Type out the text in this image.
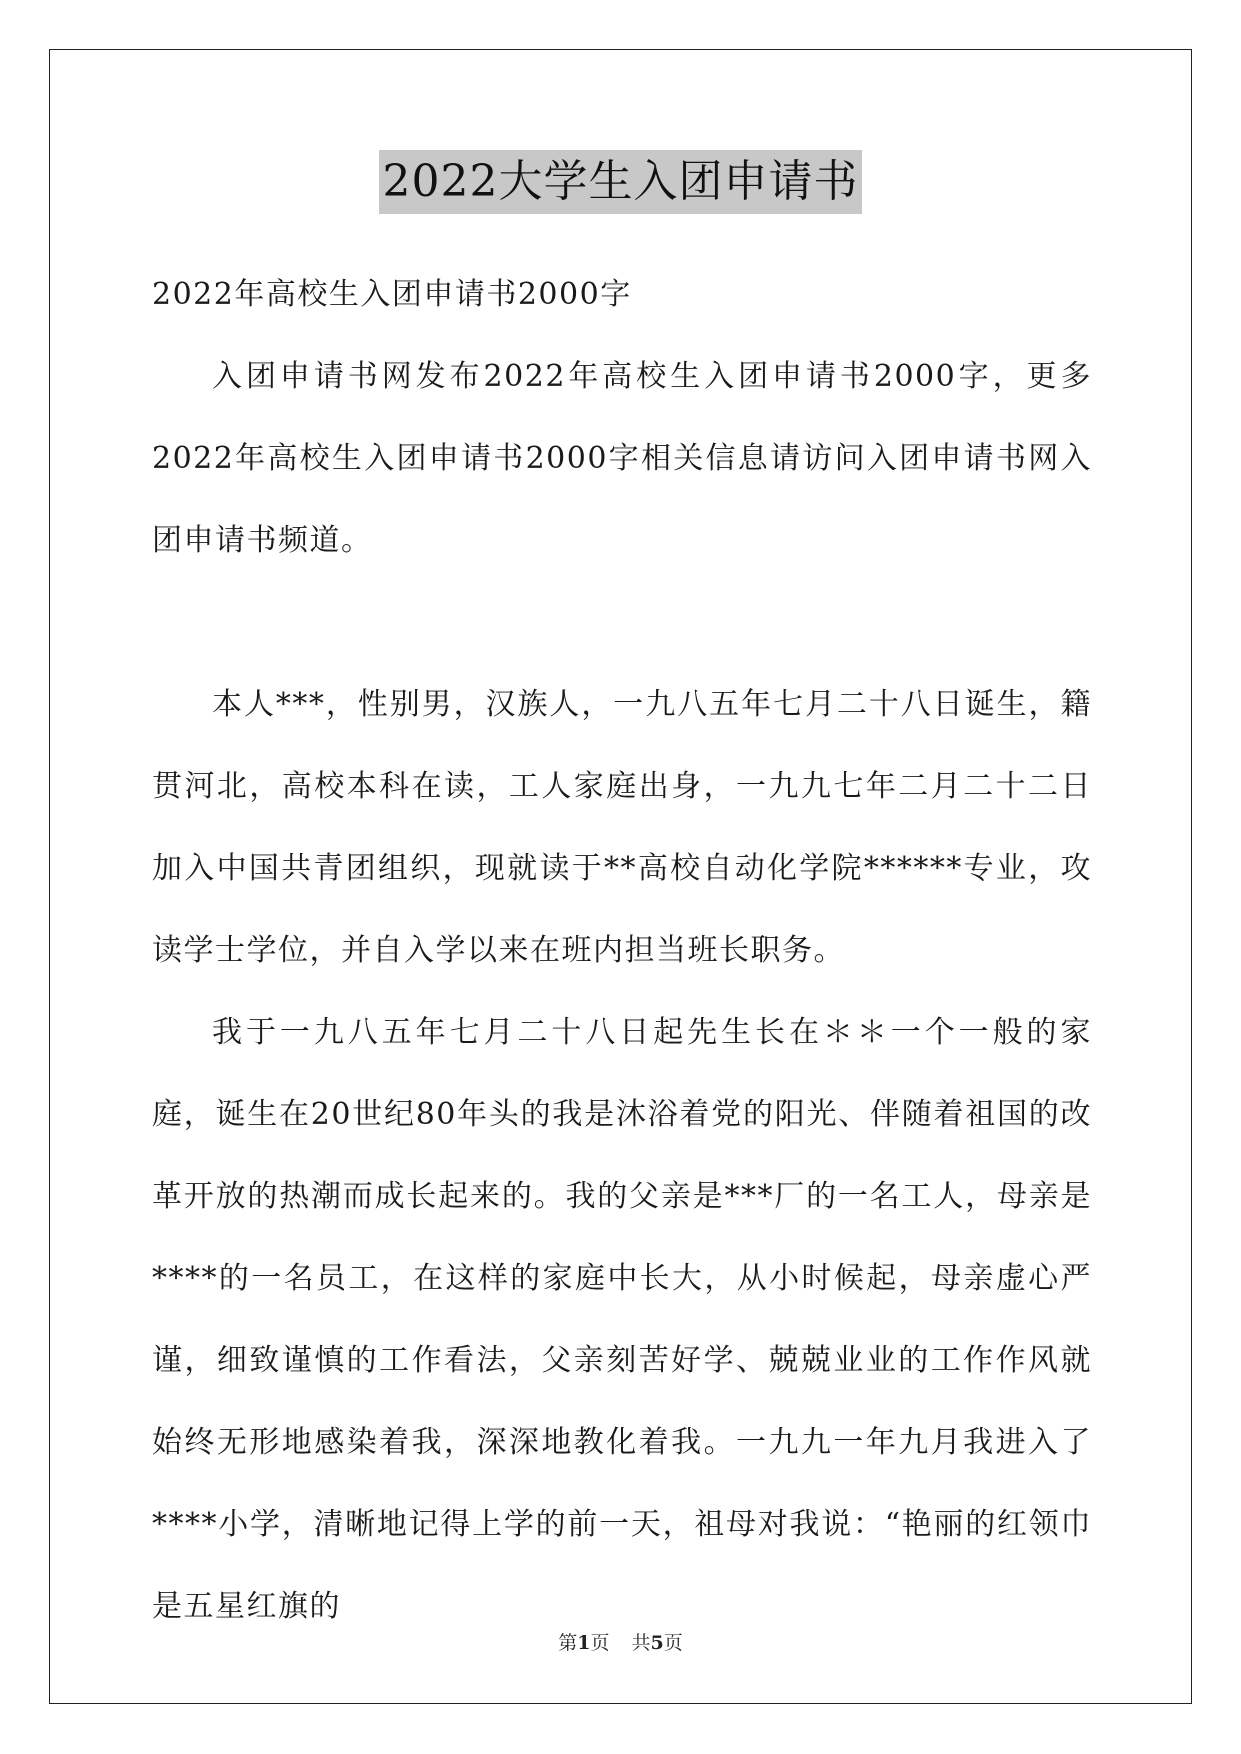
2022大学生入团申请书

2022年高校生入团申请书2000字

入团申请书网发布2022年高校生入团申请书2000字，更多2022年高校生入团申请书2000字相关信息请访问入团申请书网入团申请书频道。

本人***，性别男，汉族人，一九八五年七月二十八日诞生，籍贯河北，高校本科在读，工人家庭出身，一九九七年二月二十二日加入中国共青团组织，现就读于**高校自动化学院******专业，攻读学士学位，并自入学以来在班内担当班长职务。

我于一九八五年七月二十八日起先生长在＊＊一个一般的家庭，诞生在20世纪80年头的我是沐浴着党的阳光、伴随着祖国的改革开放的热潮而成长起来的。我的父亲是***厂的一名工人，母亲是****的一名员工，在这样的家庭中长大，从小时候起，母亲虚心严谨，细致谨慎的工作看法，父亲刻苦好学、兢兢业业的工作作风就始终无形地感染着我，深深地教化着我。一九九一年九月我进入了****小学，清晰地记得上学的前一天，祖母对我说：“艳丽的红领巾是五星红旗的

第1页 共5页
